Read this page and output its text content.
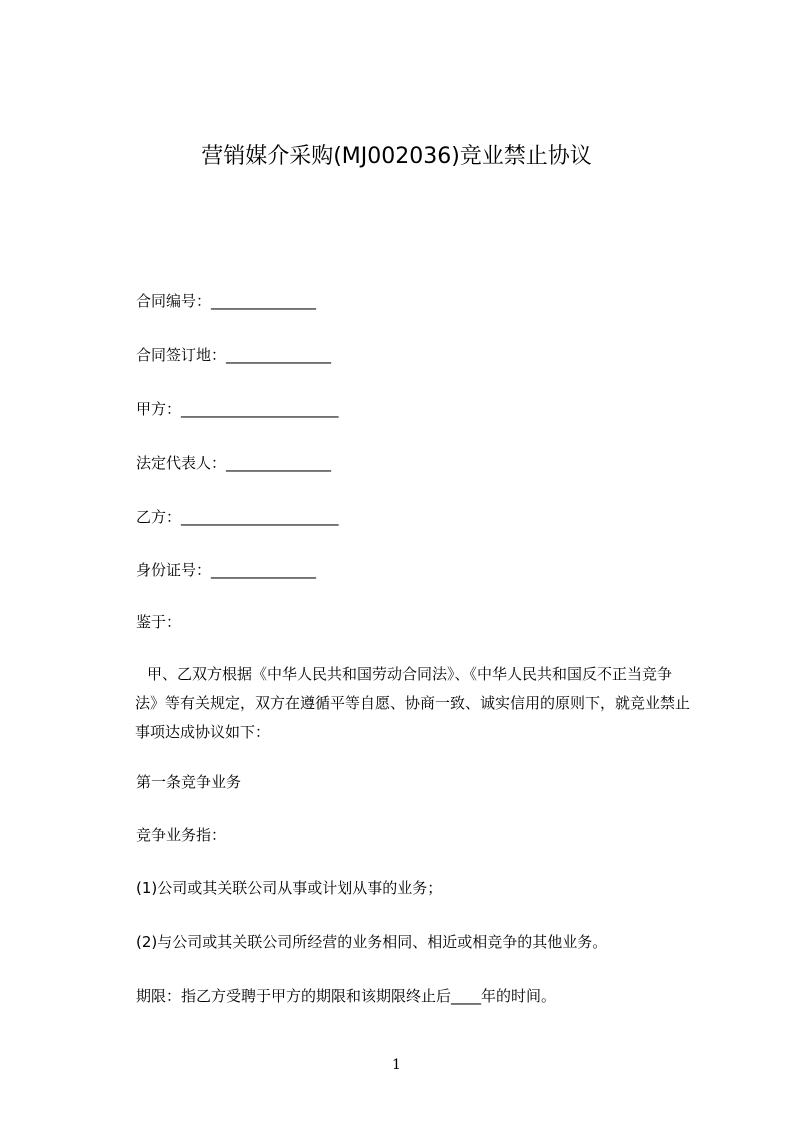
营销媒介采购(MJ002036)竞业禁止协议
合同编号：______________
合同签订地：______________
甲方：_____________________
法定代表人：______________
乙方：_____________________
身份证号：______________
鉴于：
甲、乙双方根据《中华人民共和国劳动合同法》、《中华人民共和国反不正当竞争
法》等有关规定，双方在遵循平等自愿、协商一致、诚实信用的原则下，就竞业禁止
事项达成协议如下：
第一条竞争业务
竞争业务指：
(1)公司或其关联公司从事或计划从事的业务；
(2)与公司或其关联公司所经营的业务相同、相近或相竞争的其他业务。
期限：指乙方受聘于甲方的期限和该期限终止后____年的时间。
1
